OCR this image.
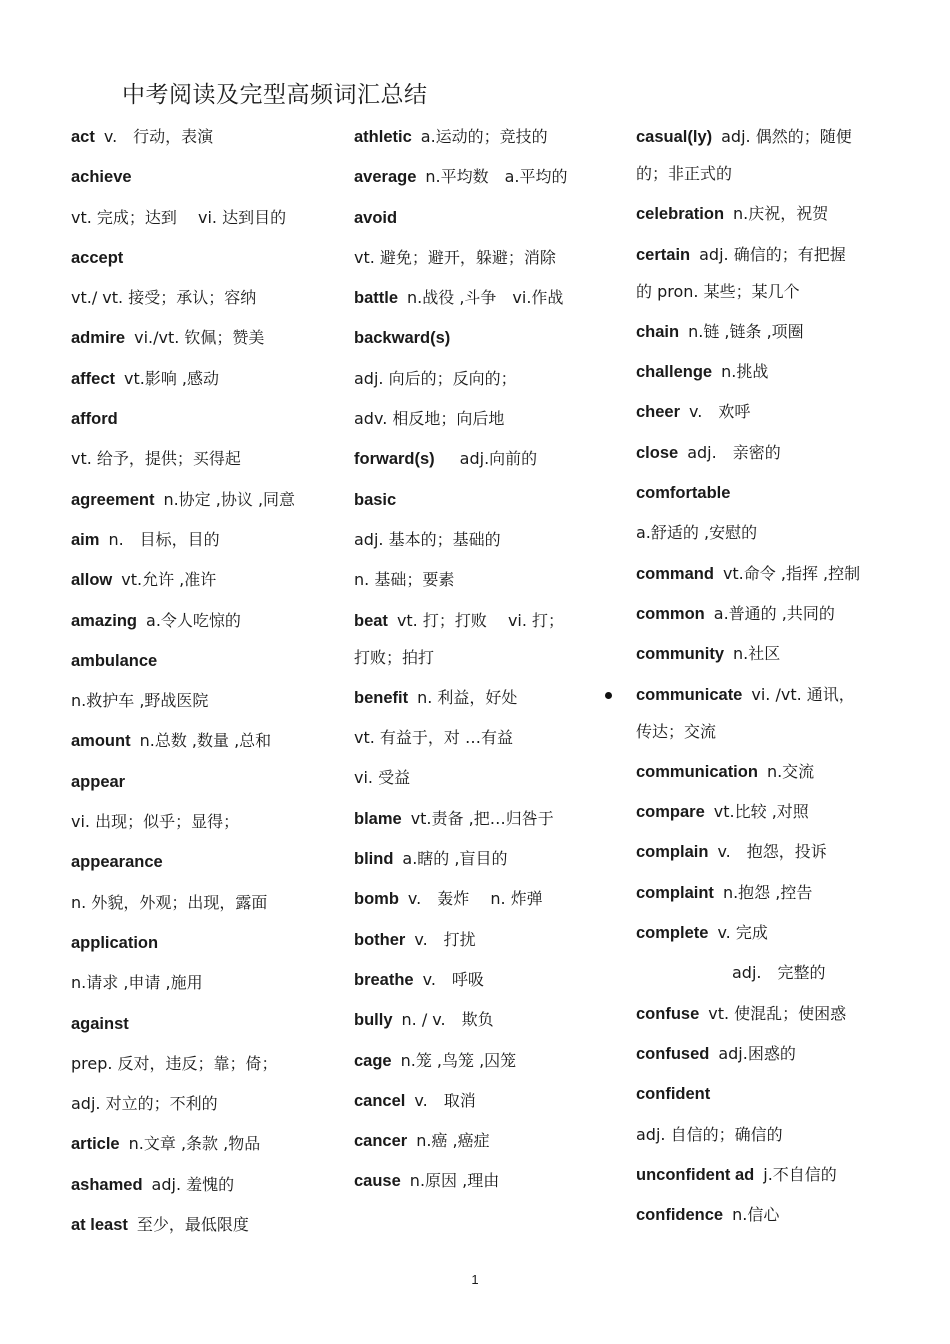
中考阅读及完型高频词汇总结
act v.　行动，表演
achieve
vt. 完成；达到　 vi. 达到目的
accept
vt./ vt. 接受；承认；容纳
admire vi./vt. 钦佩；赞美
affect vt.影响 ,感动
afford
vt. 给予，提供；买得起
agreement n.协定 ,协议 ,同意
aim n.　目标，目的
allow vt.允许 ,准许
amazing a.令人吃惊的
ambulance
n.救护车 ,野战医院
amount n.总数 ,数量 ,总和
appear
vi. 出现；似乎；显得；
appearance
n. 外貌，外观；出现，露面
application
n.请求 ,申请 ,施用
against
prep. 反对，违反；靠；倚；
adj. 对立的；不利的
article n.文章 ,条款 ,物品
ashamed adj. 羞愧的
at least 至少，最低限度
athletic a.运动的；竞技的
average n.平均数　a.平均的
avoid
vt. 避免；避开，躲避；消除
battle n.战役 ,斗争　vi.作战
backward(s)
adj. 向后的；反向的；
adv. 相反地；向后地
forward(s)　adj.向前的
basic
adj. 基本的；基础的
n. 基础；要素
beat vt. 打；打败　 vi. 打；
打败；拍打
benefit n. 利益，好处
vt. 有益于，对 …有益
vi. 受益
blame vt.责备 ,把…归咎于
blind a.瞎的 ,盲目的
bomb v.　轰炸　 n. 炸弹
bother v.　打扰
breathe v.　呼吸
bully n. / v.　欺负
cage n.笼 ,鸟笼 ,囚笼
cancel v.　取消
cancer n.癌 ,癌症
cause n.原因 ,理由
casual(ly) adj. 偶然的；随便
的；非正式的
celebration n.庆祝，祝贺
certain adj. 确信的；有把握
的 pron. 某些；某几个
chain n.链 ,链条 ,项圈
challenge n.挑战
cheer v.　欢呼
close adj.　亲密的
comfortable
a.舒适的 ,安慰的
command vt.命令 ,指挥 ,控制
common a.普通的 ,共同的
community n.社区
communicate vi. /vt. 通讯，
传达；交流
communication n.交流
compare vt.比较 ,对照
complain v.　抱怨，投诉
complaint n.抱怨 ,控告
complete v. 完成
adj.　完整的
confuse vt. 使混乱；使困惑
confused adj.困惑的
confident
adj. 自信的；确信的
unconfident ad j.不自信的
confidence n.信心
1
